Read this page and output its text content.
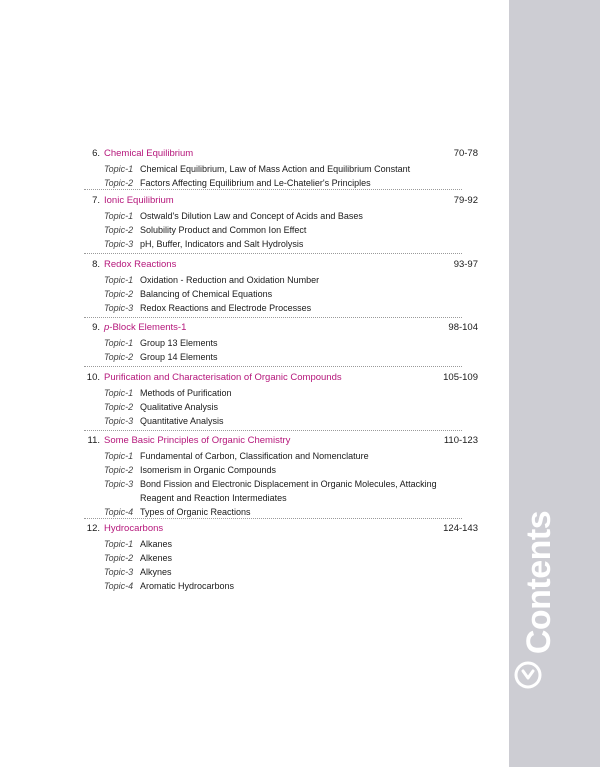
Contents
6. Chemical Equilibrium	70-78
Topic-1 Chemical Equilibrium, Law of Mass Action and Equilibrium Constant
Topic-2 Factors Affecting Equilibrium and Le-Chatelier's Principles
7. Ionic Equilibrium	79-92
Topic-1 Ostwald's Dilution Law and Concept of Acids and Bases
Topic-2 Solubility Product and Common Ion Effect
Topic-3 pH, Buffer, Indicators and Salt Hydrolysis
8. Redox Reactions	93-97
Topic-1 Oxidation - Reduction and Oxidation Number
Topic-2 Balancing of Chemical Equations
Topic-3 Redox Reactions and Electrode Processes
9. p-Block Elements-1	98-104
Topic-1 Group 13 Elements
Topic-2 Group 14 Elements
10. Purification and Characterisation of Organic Compounds	105-109
Topic-1 Methods of Purification
Topic-2 Qualitative Analysis
Topic-3 Quantitative Analysis
11. Some Basic Principles of Organic Chemistry	110-123
Topic-1 Fundamental of Carbon, Classification and Nomenclature
Topic-2 Isomerism in Organic Compounds
Topic-3 Bond Fission and Electronic Displacement in Organic Molecules, Attacking Reagent and Reaction Intermediates
Topic-4 Types of Organic Reactions
12. Hydrocarbons	124-143
Topic-1 Alkanes
Topic-2 Alkenes
Topic-3 Alkynes
Topic-4 Aromatic Hydrocarbons
